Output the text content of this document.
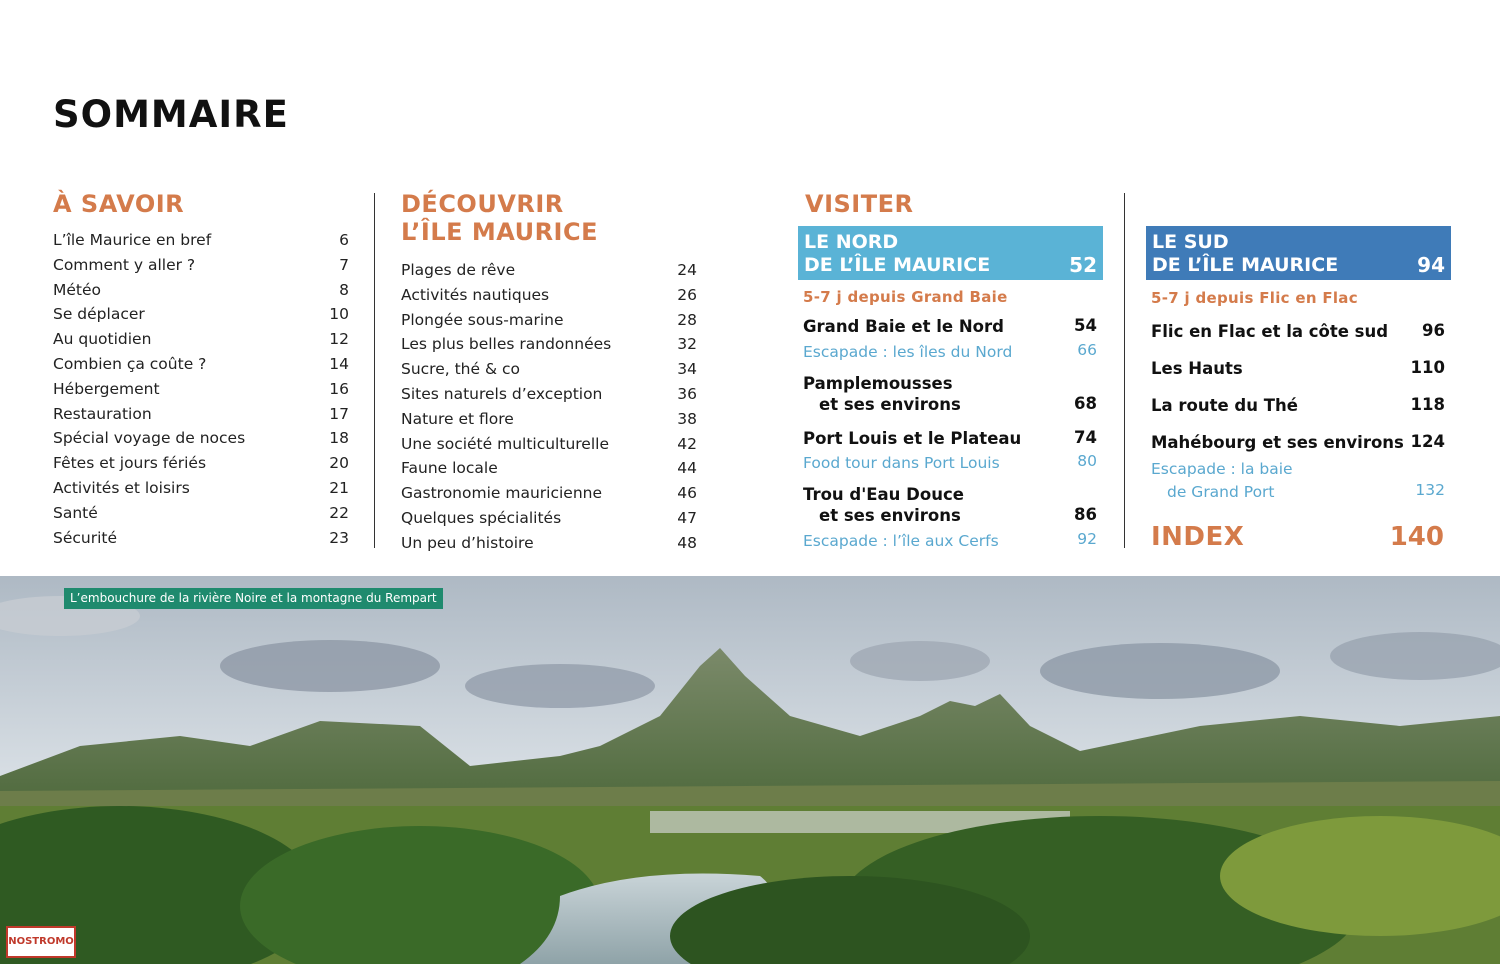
SOMMAIRE
À SAVOIR
L’île Maurice en bref	6
Comment y aller ?	7
Météo	8
Se déplacer	10
Au quotidien	12
Combien ça coûte ?	14
Hébergement	16
Restauration	17
Spécial voyage de noces	18
Fêtes et jours fériés	20
Activités et loisirs	21
Santé	22
Sécurité	23
DÉCOUVRIR
L’ÎLE MAURICE
Plages de rêve	24
Activités nautiques	26
Plongée sous-marine	28
Les plus belles randonnées	32
Sucre, thé & co	34
Sites naturels d’exception	36
Nature et flore	38
Une société multiculturelle	42
Faune locale	44
Gastronomie mauricienne	46
Quelques spécialités	47
Un peu d’histoire	48
VISITER
LE NORD
DE L’ÎLE MAURICE	52
5-7 j depuis Grand Baie
Grand Baie et le Nord	54
Escapade : les îles du Nord	66
Pamplemousses
et ses environs	68
Port Louis et le Plateau	74
Food tour dans Port Louis	80
Trou d'Eau Douce
et ses environs	86
Escapade : l’île aux Cerfs	92
LE SUD
DE L’ÎLE MAURICE	94
5-7 j depuis Flic en Flac
Flic en Flac et la côte sud 96
Les Hauts	110
La route du Thé	118
Mahébourg et ses environs 124
Escapade : la baie
de Grand Port	132
INDEX	140
L’embouchure de la rivière Noire et la montagne du Rempart
NOSTROMO
